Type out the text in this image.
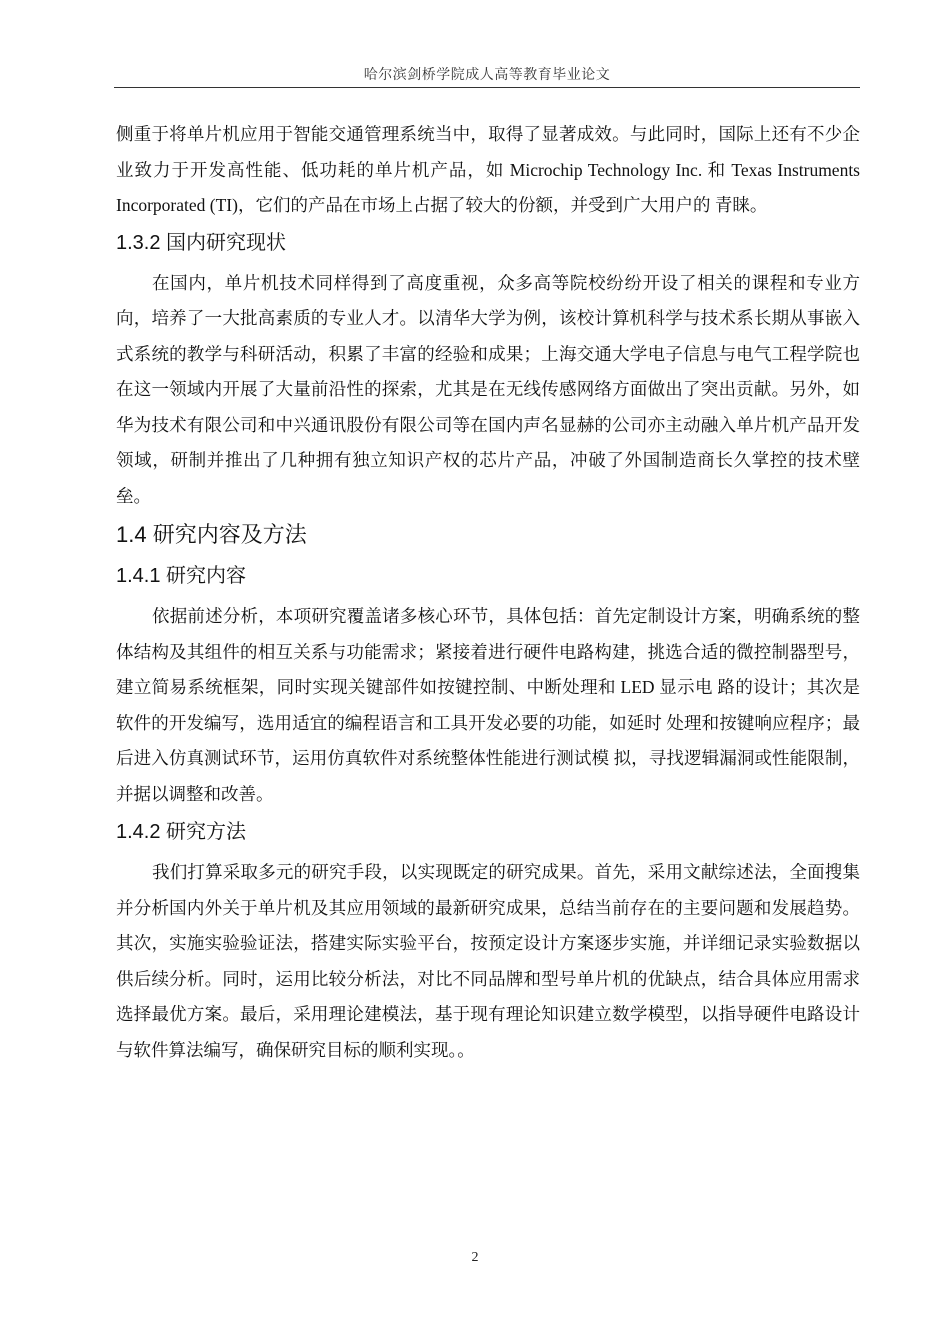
哈尔滨剑桥学院成人高等教育毕业论文

侧重于将单片机应用于智能交通管理系统当中，取得了显著成效。与此同时，国际上还有不少企业致力于开发高性能、低功耗的单片机产品，如 Microchip Technology Inc. 和 Texas Instruments Incorporated (TI)，它们的产品在市场上占据了较大的份额，并受到广大用户的 青睐。

1.3.2 国内研究现状

在国内，单片机技术同样得到了高度重视，众多高等院校纷纷开设了相关的课程和专业方向，培养了一大批高素质的专业人才。以清华大学为例，该校计算机科学与技术系长期从事嵌入式系统的教学与科研活动，积累了丰富的经验和成果；上海交通大学电子信息与电气工程学院也在这一领域内开展了大量前沿性的探索，尤其是在无线传感网络方面做出了突出贡献。另外，如华为技术有限公司和中兴通讯股份有限公司等在国内声名显赫的公司亦主动融入单片机产品开发领域，研制并推出了几种拥有独立知识产权的芯片产品，冲破了外国制造商长久掌控的技术壁垒。

1.4 研究内容及方法
1.4.1 研究内容

依据前述分析，本项研究覆盖诸多核心环节，具体包括：首先定制设计方案，明确系统的整体结构及其组件的相互关系与功能需求；紧接着进行硬件电路构建，挑选合适的微控制器型号，建立简易系统框架，同时实现关键部件如按键控制、中断处理和 LED 显示电 路的设计；其次是软件的开发编写，选用适宜的编程语言和工具开发必要的功能，如延时 处理和按键响应程序；最后进入仿真测试环节，运用仿真软件对系统整体性能进行测试模 拟，寻找逻辑漏洞或性能限制，并据以调整和改善。

1.4.2 研究方法

我们打算采取多元的研究手段，以实现既定的研究成果。首先，采用文献综述法，全面搜集并分析国内外关于单片机及其应用领域的最新研究成果，总结当前存在的主要问题和发展趋势。其次，实施实验验证法，搭建实际实验平台，按预定设计方案逐步实施，并详细记录实验数据以供后续分析。同时，运用比较分析法，对比不同品牌和型号单片机的优缺点，结合具体应用需求选择最优方案。最后，采用理论建模法，基于现有理论知识建立数学模型，以指导硬件电路设计与软件算法编写，确保研究目标的顺利实现。。

2
